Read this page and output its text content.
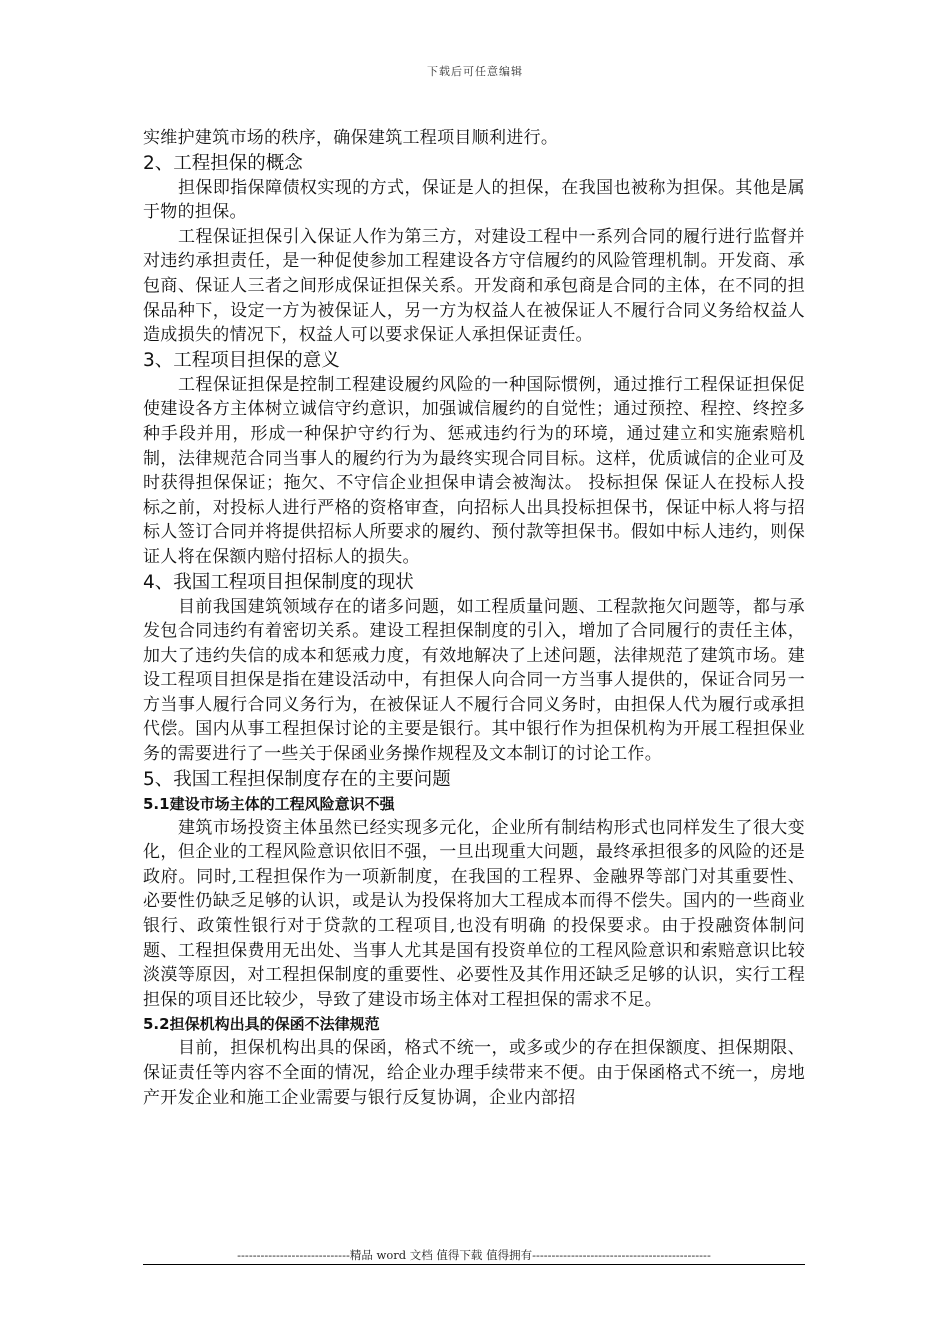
下载后可任意编辑

实维护建筑市场的秩序，确保建筑工程项目顺利进行。

2、工程担保的概念

担保即指保障债权实现的方式，保证是人的担保，在我国也被称为担保。其他是属于物的担保。

工程保证担保引入保证人作为第三方，对建设工程中一系列合同的履行进行监督并对违约承担责任，是一种促使参加工程建设各方守信履约的风险管理机制。开发商、承包商、保证人三者之间形成保证担保关系。开发商和承包商是合同的主体，在不同的担保品种下，设定一方为被保证人，另一方为权益人在被保证人不履行合同义务给权益人造成损失的情况下，权益人可以要求保证人承担保证责任。

3、工程项目担保的意义

工程保证担保是控制工程建设履约风险的一种国际惯例，通过推行工程保证担保促使建设各方主体树立诚信守约意识，加强诚信履约的自觉性；通过预控、程控、终控多种手段并用，形成一种保护守约行为、惩戒违约行为的环境，通过建立和实施索赔机制，法律规范合同当事人的履约行为为最终实现合同目标。这样，优质诚信的企业可及时获得担保保证；拖欠、不守信企业担保申请会被淘汰。 投标担保 保证人在投标人投标之前，对投标人进行严格的资格审查，向招标人出具投标担保书，保证中标人将与招标人签订合同并将提供招标人所要求的履约、预付款等担保书。假如中标人违约，则保证人将在保额内赔付招标人的损失。

4、我国工程项目担保制度的现状

目前我国建筑领域存在的诸多问题，如工程质量问题、工程款拖欠问题等，都与承发包合同违约有着密切关系。建设工程担保制度的引入，增加了合同履行的责任主体，加大了违约失信的成本和惩戒力度，有效地解决了上述问题，法律规范了建筑市场。建设工程项目担保是指在建设活动中，有担保人向合同一方当事人提供的，保证合同另一方当事人履行合同义务行为，在被保证人不履行合同义务时，由担保人代为履行或承担代偿。国内从事工程担保讨论的主要是银行。其中银行作为担保机构为开展工程担保业务的需要进行了一些关于保函业务操作规程及文本制订的讨论工作。

5、我国工程担保制度存在的主要问题
5.1建设市场主体的工程风险意识不强

建筑市场投资主体虽然已经实现多元化，企业所有制结构形式也同样发生了很大变化，但企业的工程风险意识依旧不强，一旦出现重大问题，最终承担很多的风险的还是政府。同时,工程担保作为一项新制度，在我国的工程界、金融界等部门对其重要性、必要性仍缺乏足够的认识，或是认为投保将加大工程成本而得不偿失。国内的一些商业银行、政策性银行对于贷款的工程项目,也没有明确 的投保要求。由于投融资体制问题、工程担保费用无出处、当事人尤其是国有投资单位的工程风险意识和索赔意识比较淡漠等原因，对工程担保制度的重要性、必要性及其作用还缺乏足够的认识，实行工程担保的项目还比较少，导致了建设市场主体对工程担保的需求不足。

5.2担保机构出具的保函不法律规范

目前，担保机构出具的保函，格式不统一，或多或少的存在担保额度、担保期限、保证责任等内容不全面的情况，给企业办理手续带来不便。由于保函格式不统一，房地产开发企业和施工企业需要与银行反复协调，企业内部招

-----------------------------精品 word 文档 值得下载 值得拥有----------------------------------------------
